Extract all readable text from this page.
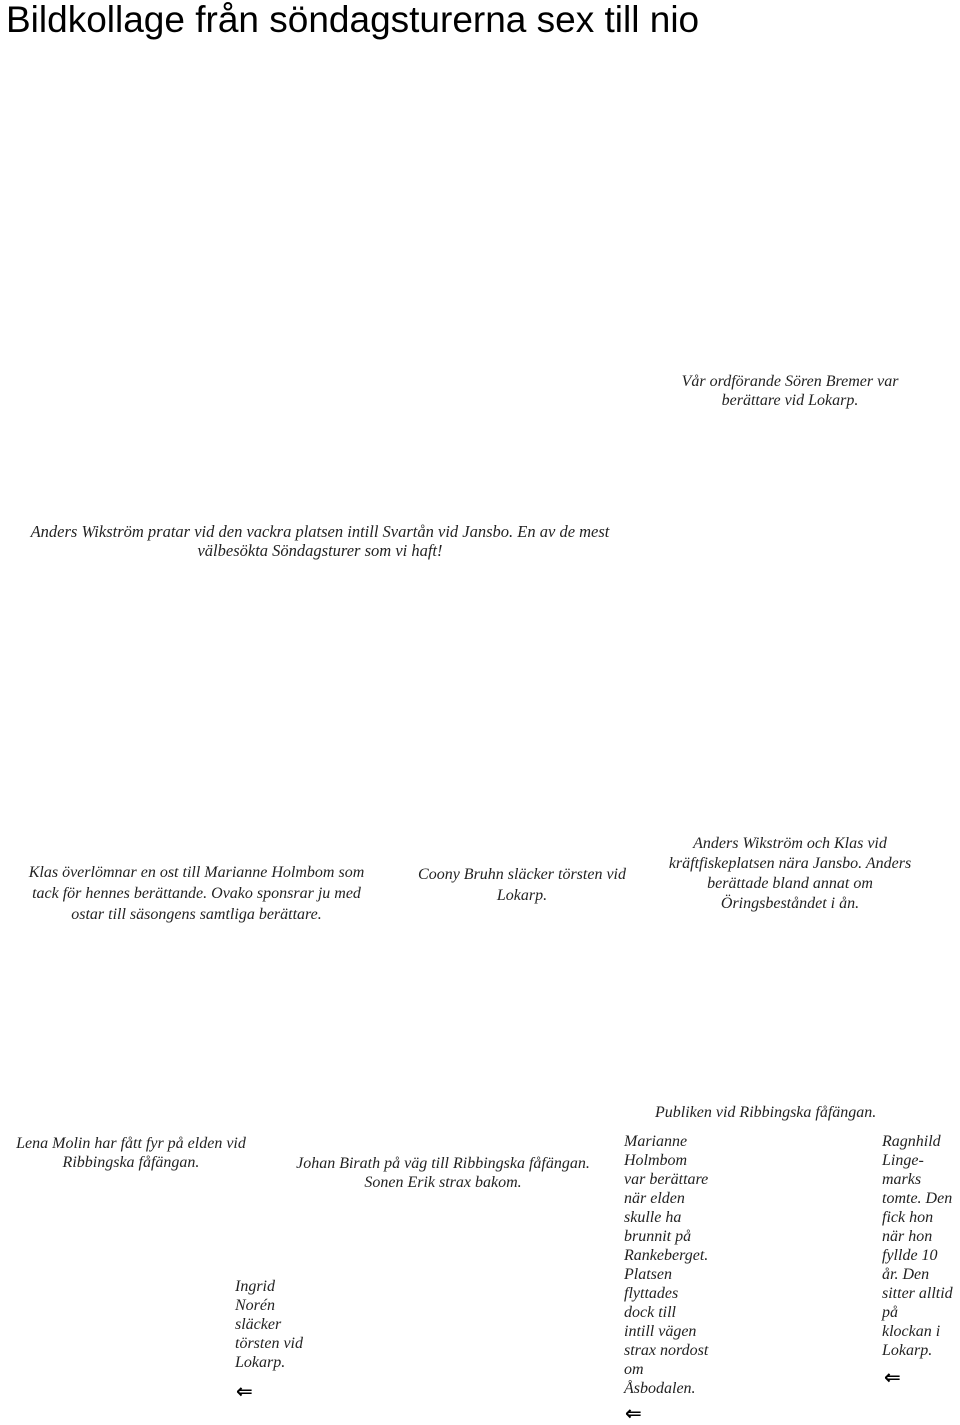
Bildkollage från söndagsturerna sex till nio
Vår ordförande Sören Bremer var
berättare vid Lokarp.
Anders Wikström pratar vid den vackra platsen intill Svartån vid Jansbo. En av de mest
välbesökta Söndagsturer som vi haft!
Klas överlömnar en ost till Marianne Holmbom som
tack för hennes berättande. Ovako sponsrar ju med
ostar till säsongens samtliga berättare.
Coony Bruhn släcker törsten vid
Lokarp.
Anders Wikström och Klas vid
kräftfiskeplatsen nära Jansbo. Anders
berättade bland annat om
Öringsbeståndet i ån.
Publiken vid Ribbingska fåfängan.
Lena Molin har fått fyr på elden vid
Ribbingska fåfängan.	Johan Birath på väg till Ribbingska fåfängan.
Sonen Erik strax bakom.
Marianne
Holmbom
var berättare
när elden
skulle ha
brunnit på
Rankeberget.
Platsen
flyttades
dock till
intill vägen
strax nordost
om
Åsbodalen.
Ragnhild
Linge-
marks
tomte. Den
fick hon
när hon
fyllde 10
år. Den
sitter alltid
på
klockan i
Lokarp.
Ingrid
Norén
släcker
törsten vid
Lokarp.
⇐
⇐
⇐
